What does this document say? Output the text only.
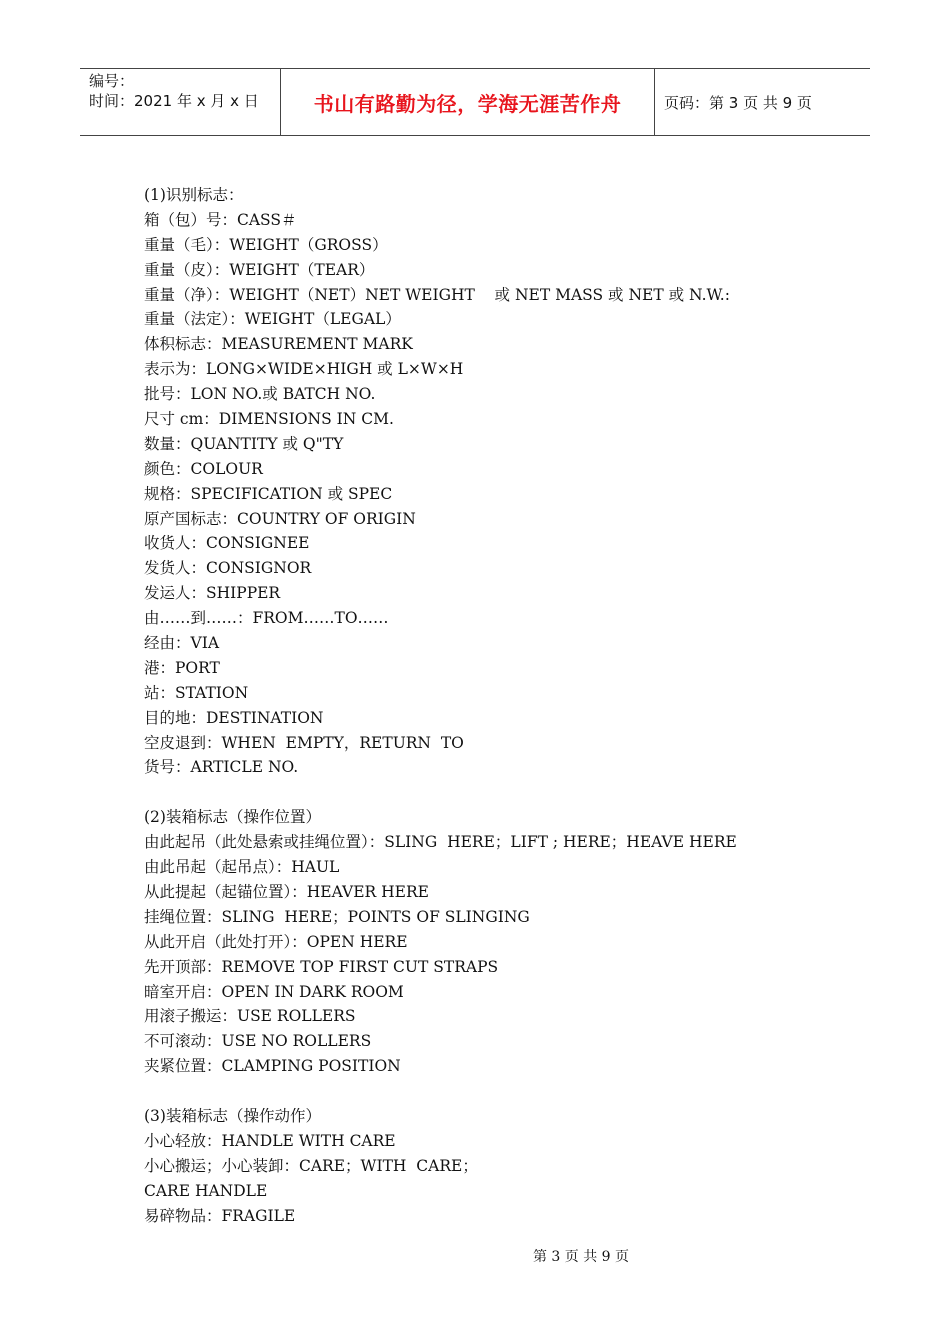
编号：
时间：2021 年 x 月 x 日	书山有路勤为径，学海无涯苦作舟	页码：第 3 页 共 9 页
(1)识别标志：
箱（包）号：CASS＃
重量（毛）：WEIGHT（GROSS）
重量（皮）：WEIGHT（TEAR）
重量（净）：WEIGHT（NET）NET WEIGHT    或 NET MASS 或 NET 或 N.W.:
重量（法定）：WEIGHT（LEGAL）
体积标志：MEASUREMENT MARK
表示为：LONG×WIDE×HIGH 或 L×W×H
批号：LON NO.或 BATCH NO.
尺寸 cm：DIMENSIONS IN CM.
数量：QUANTITY 或 Q"TY
颜色：COLOUR
规格：SPECIFICATION 或 SPEC
原产国标志：COUNTRY OF ORIGIN
收货人：CONSIGNEE
发货人：CONSIGNOR
发运人：SHIPPER
由……到……：FROM……TO……
经由：VIA
港：PORT
站：STATION
目的地：DESTINATION
空皮退到：WHEN  EMPTY，RETURN  TO
货号：ARTICLE NO.
(2)装箱标志（操作位置）
由此起吊（此处悬索或挂绳位置）：SLING  HERE；LIFT ; HERE；HEAVE HERE
由此吊起（起吊点）：HAUL
从此提起（起锚位置）：HEAVER HERE
挂绳位置：SLING  HERE；POINTS OF SLINGING
从此开启（此处打开）：OPEN HERE
先开顶部：REMOVE TOP FIRST CUT STRAPS
暗室开启：OPEN IN DARK ROOM
用滚子搬运：USE ROLLERS
不可滚动：USE NO ROLLERS
夹紧位置：CLAMPING POSITION
(3)装箱标志（操作动作）
小心轻放：HANDLE WITH CARE
小心搬运；小心装卸：CARE；WITH  CARE；
CARE HANDLE
易碎物品：FRAGILE
第 3 页 共 9 页
